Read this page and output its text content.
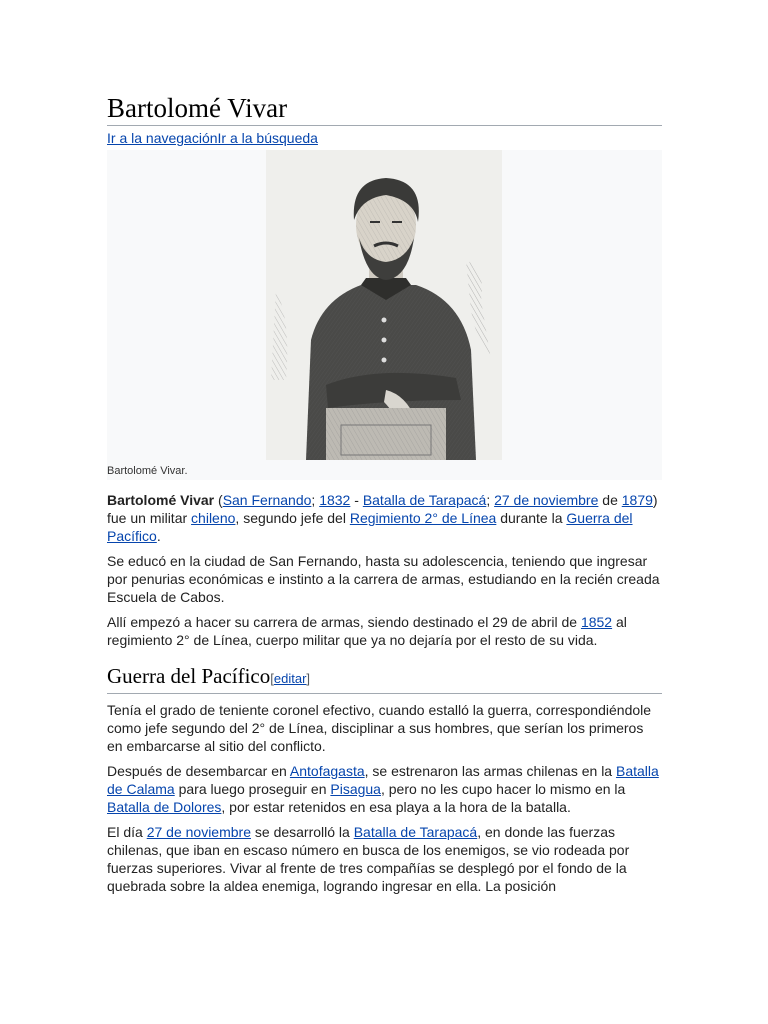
Bartolomé Vivar
Ir a la navegaciónIr a la búsqueda
Bartolomé Vivar.

Bartolomé Vivar (San Fernando; 1832 - Batalla de Tarapacá; 27 de noviembre de 1879) fue un militar chileno, segundo jefe del Regimiento 2° de Línea durante la Guerra del Pacífico.

Se educó en la ciudad de San Fernando, hasta su adolescencia, teniendo que ingresar por penurias económicas e instinto a la carrera de armas, estudiando en la recién creada Escuela de Cabos.

Allí empezó a hacer su carrera de armas, siendo destinado el 29 de abril de 1852 al regimiento 2° de Línea, cuerpo militar que ya no dejaría por el resto de su vida.

Guerra del Pacífico[editar]

Tenía el grado de teniente coronel efectivo, cuando estalló la guerra, correspondiéndole como jefe segundo del 2° de Línea, disciplinar a sus hombres, que serían los primeros en embarcarse al sitio del conflicto.

Después de desembarcar en Antofagasta, se estrenaron las armas chilenas en la Batalla de Calama para luego proseguir en Pisagua, pero no les cupo hacer lo mismo en la Batalla de Dolores, por estar retenidos en esa playa a la hora de la batalla.

El día 27 de noviembre se desarrolló la Batalla de Tarapacá, en donde las fuerzas chilenas, que iban en escaso número en busca de los enemigos, se vio rodeada por fuerzas superiores. Vivar al frente de tres compañías se desplegó por el fondo de la quebrada sobre la aldea enemiga, logrando ingresar en ella. La posición
